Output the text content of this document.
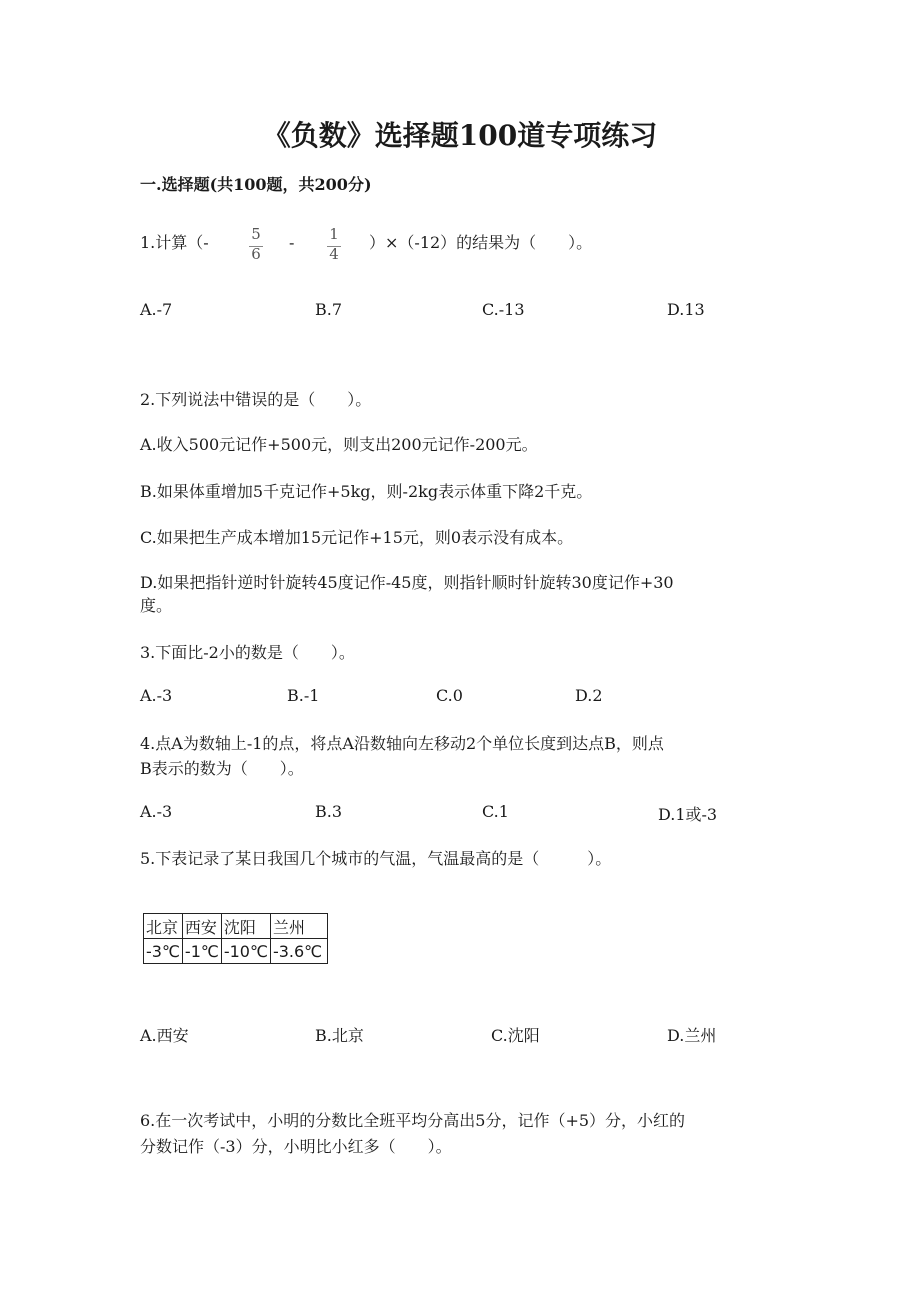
《负数》选择题100道专项练习
一.选择题(共100题，共200分)
1.计算（-	5
6
-	1
4
）×（-12）的结果为（　　）。
A.-7	B.7	C.-13	D.13
2.下列说法中错误的是（　　）。
A.收入500元记作+500元，则支出200元记作-200元。
B.如果体重增加5千克记作+5kg，则-2kg表示体重下降2千克。
C.如果把生产成本增加15元记作+15元，则0表示没有成本。
D.如果把指针逆时针旋转45度记作-45度，则指针顺时针旋转30度记作+30
度。
3.下面比-2小的数是（　　）。
A.-3	B.-1	C.0	D.2
4.点A为数轴上-1的点，将点A沿数轴向左移动2个单位长度到达点B，则点
B表示的数为（　　）。
A.-3	B.3	C.1	D.1或-3
5.下表记录了某日我国几个城市的气温，气温最高的是（　　　）。
北京	西安	沈阳	兰州
-3℃	-1℃	-10℃	-3.6℃
A.西安	B.北京	C.沈阳	D.兰州
6.在一次考试中，小明的分数比全班平均分高出5分，记作（+5）分，小红的
分数记作（-3）分，小明比小红多（　　）。
